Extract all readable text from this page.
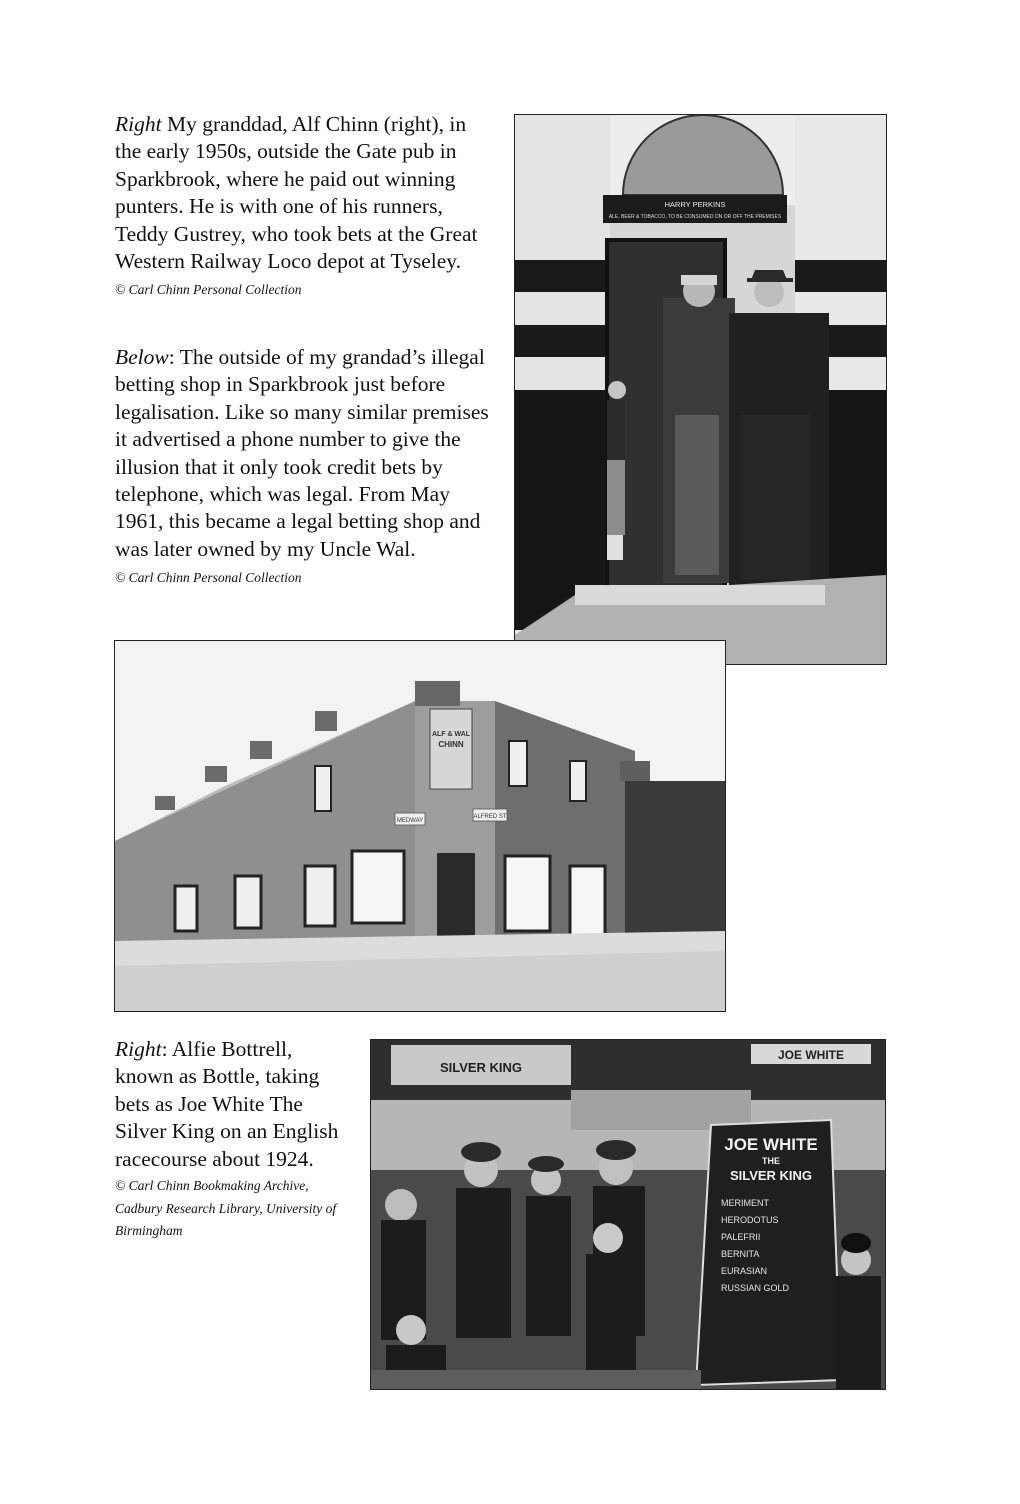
Right My granddad, Alf Chinn (right), in the early 1950s, outside the Gate pub in Sparkbrook, where he paid out winning punters. He is with one of his runners, Teddy Gustrey, who took bets at the Great Western Railway Loco depot at Tyseley.
© Carl Chinn Personal Collection

Below: The outside of my grandad’s illegal betting shop in Sparkbrook just before legalisation. Like so many similar premises it advertised a phone number to give the illusion that it only took credit bets by telephone, which was legal. From May 1961, this became a legal betting shop and was later owned by my Uncle Wal.
© Carl Chinn Personal Collection

Right: Alfie Bottrell, known as Bottle, taking bets as Joe White The Silver King on an English racecourse about 1924.
© Carl Chinn Bookmaking Archive, Cadbury Research Library, University of Birmingham

HARRY PERKINS
ALE, BEER & TOBACCO, TO BE CONSUMED ON OR OFF THE PREMISES
ALF & WAL
CHINN
MEDWAY
ALFRED ST
SILVER KING
JOE WHITE
JOE WHITE
THE
SILVER KING
MERIMENT
HERODOTUS
PALEFRII
BERNITA
EURASIAN
RUSSIAN GOLD
